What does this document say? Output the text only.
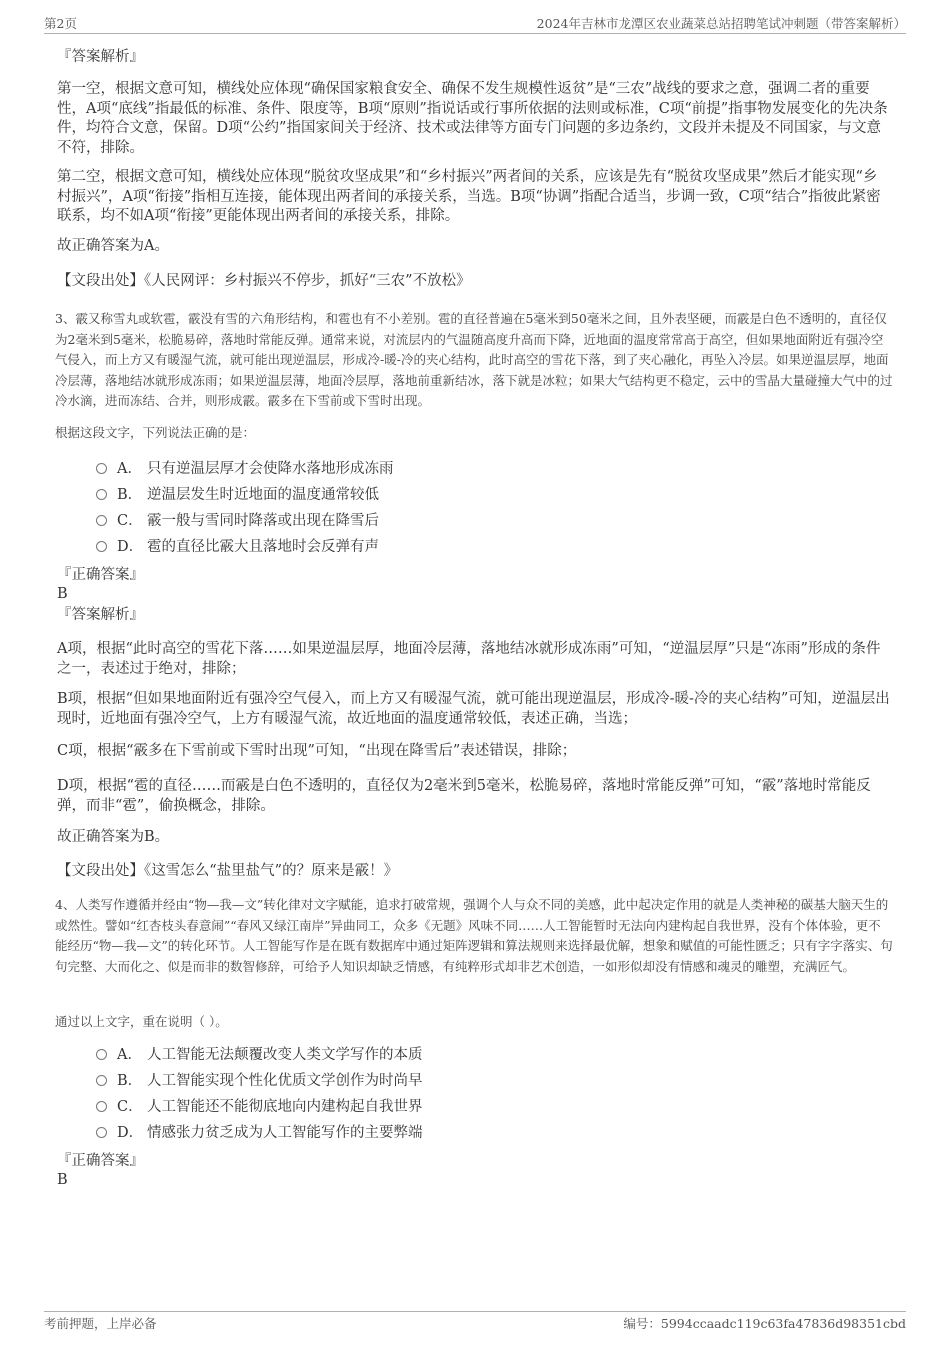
第2页	2024年吉林市龙潭区农业蔬菜总站招聘笔试冲刺题（带答案解析）

『答案解析』

第一空，根据文意可知，横线处应体现“确保国家粮食安全、确保不发生规模性返贫”是“三农”战线的要求之意，强调二者的重要性，A项“底线”指最低的标准、条件、限度等，B项“原则”指说话或行事所依据的法则或标准，C项“前提”指事物发展变化的先决条件，均符合文意，保留。D项“公约”指国家间关于经济、技术或法律等方面专门问题的多边条约，文段并未提及不同国家，与文意不符，排除。

第二空，根据文意可知，横线处应体现“脱贫攻坚成果”和“乡村振兴”两者间的关系，应该是先有“脱贫攻坚成果”然后才能实现“乡村振兴”，A项“衔接”指相互连接，能体现出两者间的承接关系，当选。B项“协调”指配合适当，步调一致，C项“结合”指彼此紧密联系，均不如A项“衔接”更能体现出两者间的承接关系，排除。

故正确答案为A。

【文段出处】《人民网评：乡村振兴不停步，抓好“三农”不放松》

3、霰又称雪丸或软雹，霰没有雪的六角形结构，和雹也有不小差别。雹的直径普遍在5毫米到50毫米之间，且外表坚硬，而霰是白色不透明的，直径仅为2毫米到5毫米，松脆易碎，落地时常能反弹。通常来说，对流层内的气温随高度升高而下降，近地面的温度常常高于高空，但如果地面附近有强冷空气侵入，而上方又有暖湿气流，就可能出现逆温层，形成冷-暖-冷的夹心结构，此时高空的雪花下落，到了夹心融化，再坠入冷层。如果逆温层厚，地面冷层薄，落地结冰就形成冻雨；如果逆温层薄，地面冷层厚，落地前重新结冰，落下就是冰粒；如果大气结构更不稳定，云中的雪晶大量碰撞大气中的过冷水滴，进而冻结、合并，则形成霰。霰多在下雪前或下雪时出现。

根据这段文字，下列说法正确的是：

A． 只有逆温层厚才会使降水落地形成冻雨
B． 逆温层发生时近地面的温度通常较低
C． 霰一般与雪同时降落或出现在降雪后
D． 雹的直径比霰大且落地时会反弹有声

『正确答案』

B

『答案解析』

A项，根据“此时高空的雪花下落……如果逆温层厚，地面冷层薄，落地结冰就形成冻雨”可知，“逆温层厚”只是“冻雨”形成的条件之一，表述过于绝对，排除；

B项，根据“但如果地面附近有强冷空气侵入，而上方又有暖湿气流，就可能出现逆温层，形成冷-暖-冷的夹心结构”可知，逆温层出现时，近地面有强冷空气，上方有暖湿气流，故近地面的温度通常较低，表述正确，当选；

C项，根据“霰多在下雪前或下雪时出现”可知，“出现在降雪后”表述错误，排除；

D项，根据“雹的直径……而霰是白色不透明的，直径仅为2毫米到5毫米，松脆易碎，落地时常能反弹”可知，“霰”落地时常能反弹，而非“雹”，偷换概念，排除。

故正确答案为B。

【文段出处】《这雪怎么“盐里盐气”的？原来是霰！》

4、人类写作遵循并经由“物—我—文”转化律对文字赋能，追求打破常规，强调个人与众不同的美感，此中起决定作用的就是人类神秘的碳基大脑天生的或然性。譬如“红杏枝头春意闹”“春风又绿江南岸”异曲同工，众多《无题》风味不同……人工智能暂时无法向内建构起自我世界，没有个体体验，更不能经历“物—我—文”的转化环节。人工智能写作是在既有数据库中通过矩阵逻辑和算法规则来选择最优解，想象和赋值的可能性匮乏；只有字字落实、句句完整、大而化之、似是而非的数智修辞，可给予人知识却缺乏情感，有纯粹形式却非艺术创造，一如形似却没有情感和魂灵的雕塑，充满匠气。

通过以上文字，重在说明（ ）。

A． 人工智能无法颠覆改变人类文学写作的本质
B． 人工智能实现个性化优质文学创作为时尚早
C． 人工智能还不能彻底地向内建构起自我世界
D． 情感张力贫乏成为人工智能写作的主要弊端

『正确答案』

B

考前押题，上岸必备	编号：5994ccaadc119c63fa47836d98351cbd
